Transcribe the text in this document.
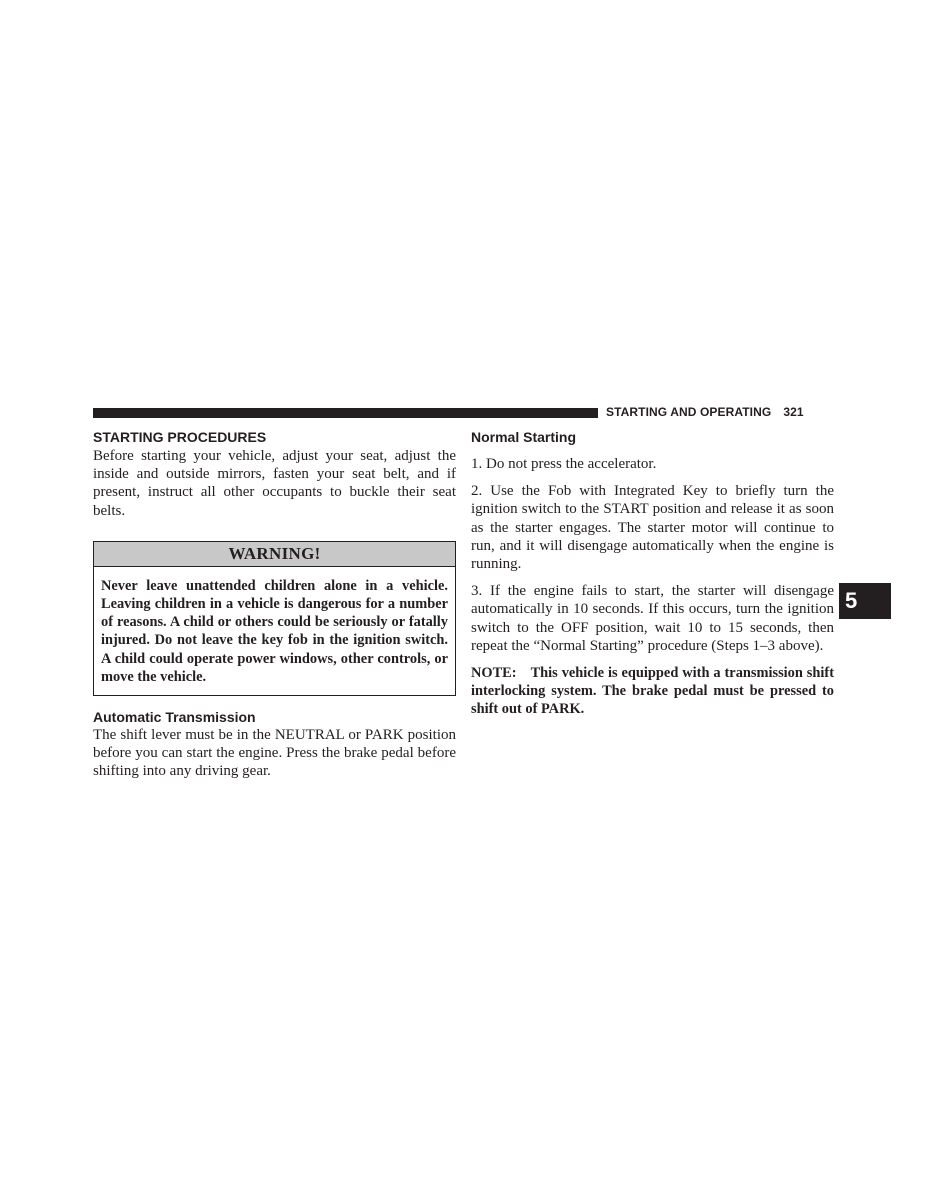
STARTING AND OPERATING 321
STARTING PROCEDURES

Before starting your vehicle, adjust your seat, adjust the inside and outside mirrors, fasten your seat belt, and if present, instruct all other occupants to buckle their seat belts.

WARNING!
Never leave unattended children alone in a vehicle. Leaving children in a vehicle is dangerous for a number of reasons. A child or others could be seriously or fatally injured. Do not leave the key fob in the ignition switch. A child could operate power windows, other controls, or move the vehicle.
Automatic Transmission

The shift lever must be in the NEUTRAL or PARK position before you can start the engine. Press the brake pedal before shifting into any driving gear.

Normal Starting

1. Do not press the accelerator.

2. Use the Fob with Integrated Key to briefly turn the ignition switch to the START position and release it as soon as the starter engages. The starter motor will continue to run, and it will disengage automatically when the engine is running.

3. If the engine fails to start, the starter will disengage automatically in 10 seconds. If this occurs, turn the ignition switch to the OFF position, wait 10 to 15 seconds, then repeat the “Normal Starting” procedure (Steps 1–3 above).

NOTE: This vehicle is equipped with a transmission shift interlocking system. The brake pedal must be pressed to shift out of PARK.

5
